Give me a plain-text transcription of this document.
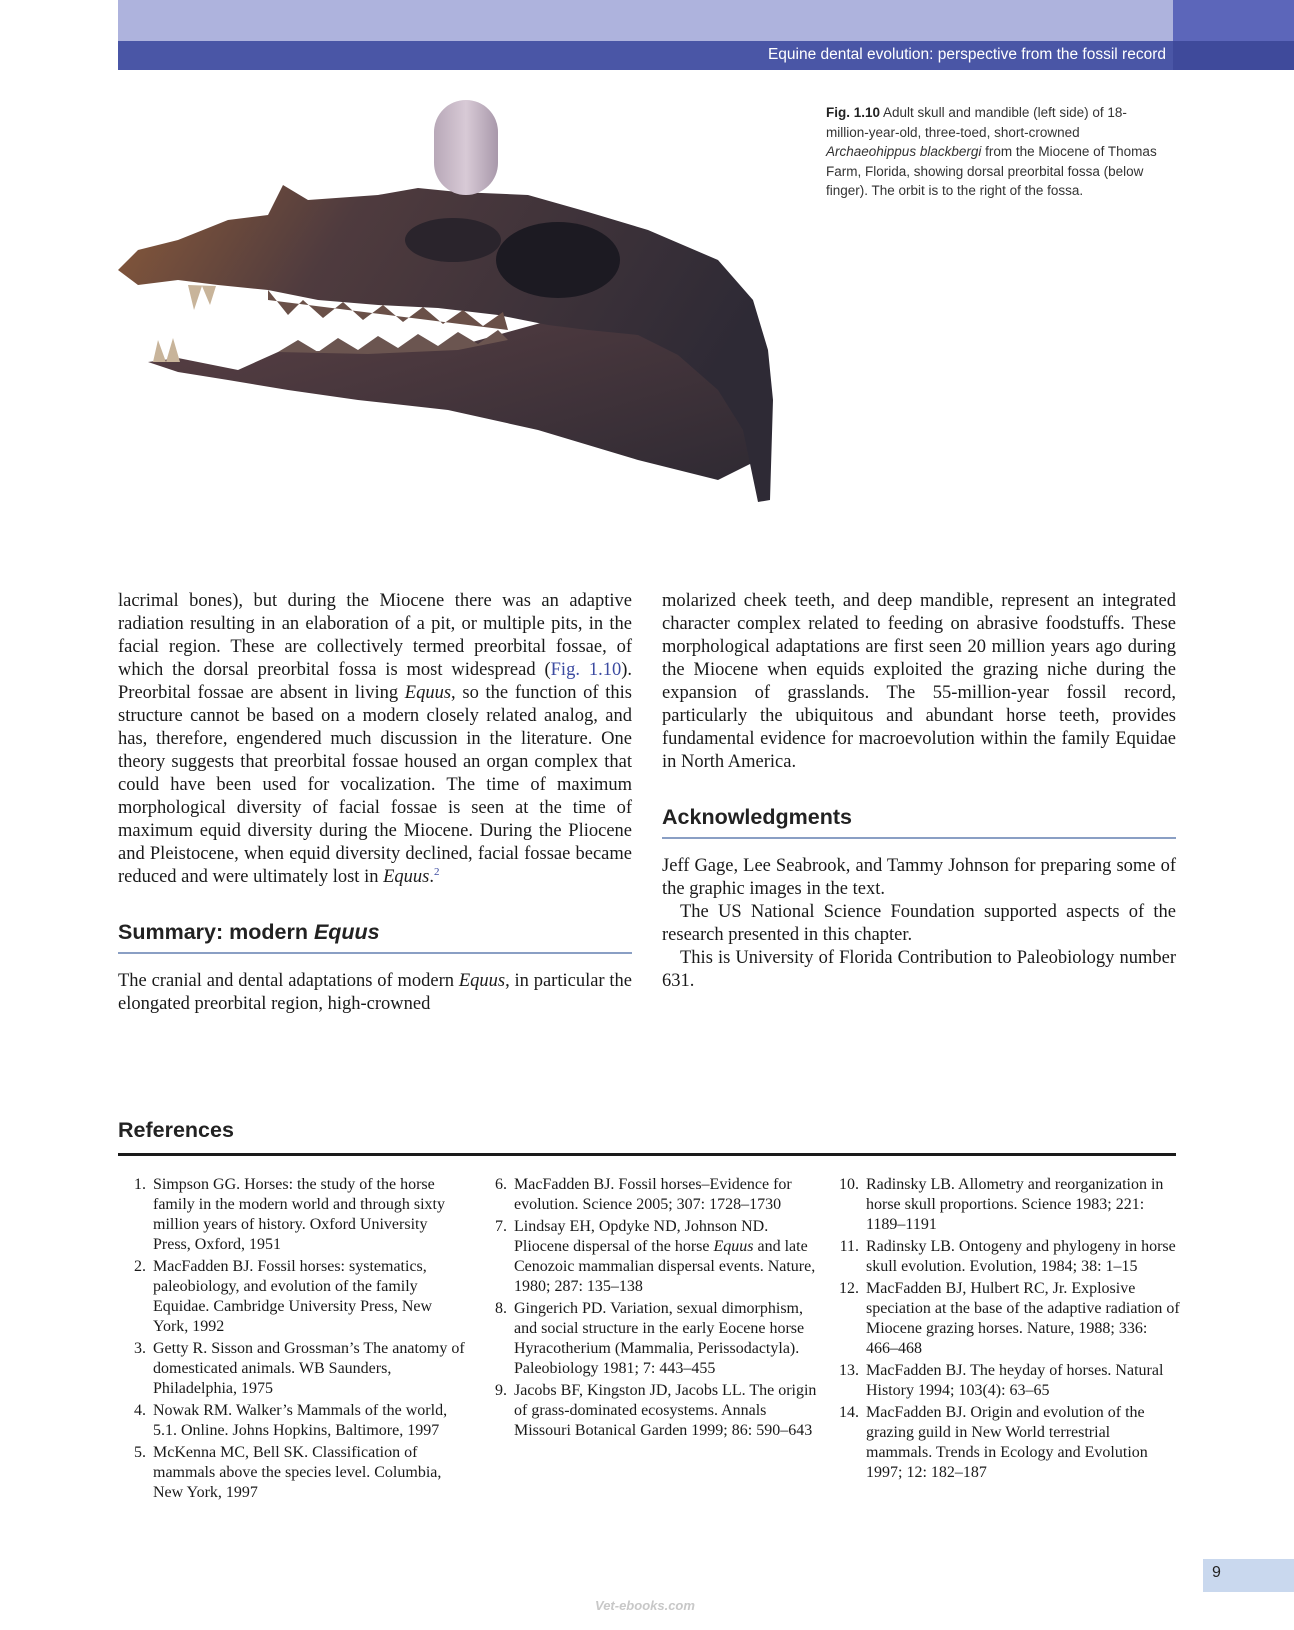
Equine dental evolution: perspective from the fossil record
Fig. 1.10 Adult skull and mandible (left side) of 18-million-year-old, three-toed, short-crowned Archaeohippus blackbergi from the Miocene of Thomas Farm, Florida, showing dorsal preorbital fossa (below finger). The orbit is to the right of the fossa.

lacrimal bones), but during the Miocene there was an adaptive radiation resulting in an elaboration of a pit, or multiple pits, in the facial region. These are collectively termed preorbital fossae, of which the dorsal preorbital fossa is most widespread (Fig. 1.10). Preorbital fossae are absent in living Equus, so the function of this structure cannot be based on a modern closely related analog, and has, therefore, engendered much discussion in the literature. One theory suggests that preorbital fossae housed an organ complex that could have been used for vocalization. The time of maximum morphological diversity of facial fossae is seen at the time of maximum equid diversity during the Miocene. During the Pliocene and Pleistocene, when equid diversity declined, facial fossae became reduced and were ultimately lost in Equus.$^2$

Summary: modern Equus

The cranial and dental adaptations of modern Equus, in particular the elongated preorbital region, high-crowned

molarized cheek teeth, and deep mandible, represent an integrated character complex related to feeding on abrasive foodstuffs. These morphological adaptations are first seen 20 million years ago during the Miocene when equids exploited the grazing niche during the expansion of grasslands. The 55-million-year fossil record, particularly the ubiquitous and abundant horse teeth, provides fundamental evidence for macroevolution within the family Equidae in North America.

Acknowledgments

Jeff Gage, Lee Seabrook, and Tammy Johnson for preparing some of the graphic images in the text.

The US National Science Foundation supported aspects of the research presented in this chapter.

This is University of Florida Contribution to Paleobiology number 631.

References
1. Simpson GG. Horses: the study of the horse family in the modern world and through sixty million years of history. Oxford University Press, Oxford, 1951
2. MacFadden BJ. Fossil horses: systematics, paleobiology, and evolution of the family Equidae. Cambridge University Press, New York, 1992
3. Getty R. Sisson and Grossman’s The anatomy of domesticated animals. WB Saunders, Philadelphia, 1975
4. Nowak RM. Walker’s Mammals of the world, 5.1. Online. Johns Hopkins, Baltimore, 1997
5. McKenna MC, Bell SK. Classification of mammals above the species level. Columbia, New York, 1997
6. MacFadden BJ. Fossil horses–Evidence for evolution. Science 2005; 307: 1728–1730
7. Lindsay EH, Opdyke ND, Johnson ND. Pliocene dispersal of the horse Equus and late Cenozoic mammalian dispersal events. Nature, 1980; 287: 135–138
8. Gingerich PD. Variation, sexual dimorphism, and social structure in the early Eocene horse Hyracotherium (Mammalia, Perissodactyla). Paleobiology 1981; 7: 443–455
9. Jacobs BF, Kingston JD, Jacobs LL. The origin of grass-dominated ecosystems. Annals Missouri Botanical Garden 1999; 86: 590–643
10. Radinsky LB. Allometry and reorganization in horse skull proportions. Science 1983; 221: 1189–1191
11. Radinsky LB. Ontogeny and phylogeny in horse skull evolution. Evolution, 1984; 38: 1–15
12. MacFadden BJ, Hulbert RC, Jr. Explosive speciation at the base of the adaptive radiation of Miocene grazing horses. Nature, 1988; 336: 466–468
13. MacFadden BJ. The heyday of horses. Natural History 1994; 103(4): 63–65
14. MacFadden BJ. Origin and evolution of the grazing guild in New World terrestrial mammals. Trends in Ecology and Evolution 1997; 12: 182–187
9
Vet-ebooks.com
